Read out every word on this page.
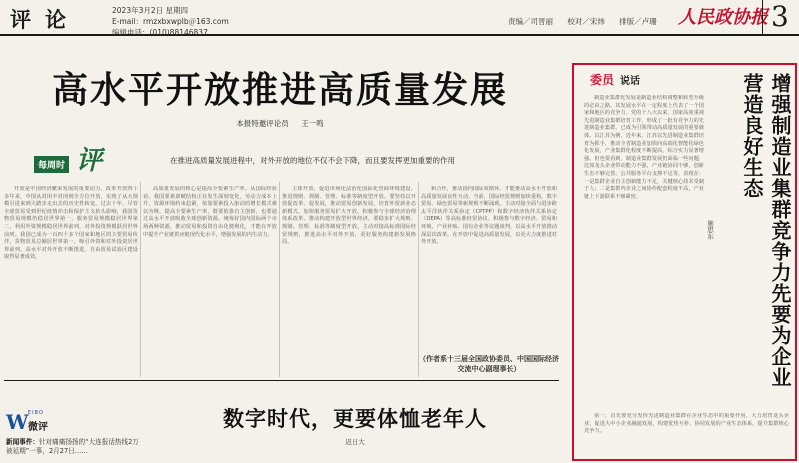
评论	2023年3月2日 星期四
E-mail：rmzxbxwplb＠163.com
编辑电话：(010)88146837
责编／司晋丽 校对／宋炜 排版／卢珊	人民政协报 3
高水平开放推进高质量发展
本报特邀评论员 王一鸣
每周时 评	在推进高质量发展进程中，对外开放的地位不仅不会下降，而且要发挥更加重要的作用

开放是中国经济繁荣发展的重要动力。改革开放四十多年来，中国从封闭半封闭到全方位开放，实现了从大规模引进来到大踏步走出去的历史性转变。过去十年，尽管全球贸易受到世纪疫情冲击和保护主义抬头影响，我国货物贸易规模仍稳居世界第一，服务贸易规模稳居世界第二，利用外资规模稳居世界前列，对外投资规模跃居世界前列。我国已成为一百四十多个国家和地区的主要贸易伙伴，货物贸易总额居世界第一，吸引外资和对外投资居世界前列。高水平对外开放不断推进，自由贸易试验区建设取得显著成效。

高质量发展的核心是提高全要素生产率。从国际经验看，我国要素禀赋结构正在发生深刻变化，劳动力成本上升，资源环境约束趋紧，依靠要素投入驱动的增长模式难以为继。提高全要素生产率，既要依靠自主创新，也要通过高水平开放吸收全球创新资源。统筹好国内国际两个市场两种资源，推动贸易和投资自由化便利化，才能在开放中提升产业链供应链现代化水平，增强发展的内生动力。

主体开放，促进市场化法治化国际化营商环境建设，推进规则、规制、管理、标准等制度型开放。要坚持以开放促改革、促发展，推动贸易创新发展，培育外贸新业态新模式，加快服务贸易扩大开放。积极参与全球经济治理体系改革，推动构建开放型世界经济。要稳步扩大规则、规制、管理、标准等制度型开放，主动对接高标准国际经贸规则，推进高水平对外开放，更好服务构建新发展格局。

和合作，推动国内国际双循环，才能推动高水平开放和高质量发展良性互动。当前，国际经贸规则加快重构，数字贸易、绿色贸易等新规则不断涌现。主动对接全面与进步跨太平洋伙伴关系协定（CPTPP）和数字经济伙伴关系协定（DEPA）等高标准经贸协议，积极参与数字经济、贸易和环境、产业补贴、国有企业等议题谈判，以高水平开放推动深层次改革，在开放中促进高质量发展，以更大力度推进对外开放。

（作者系十三届全国政协委员、中国国际经济交流中心副理事长）
W EIBO
微评
新闻事件：针对痛痛扬扬的“大连报话热线2万被延期”一事，2月27日……
数字时代，更要体恤老年人
迟日大
委员 说话	增强制造业集群竞争力先要为企业营造良好生态
施思东

制造业集群化发展是制造业结构调整和转型升级的必由之路，其发展水平在一定程度上代表了一个国家和地区的竞争力。党的十八大以来，国家高度重视先进制造业集群培育工作，形成了一批有竞争力的先进制造业集群，已成为引领带动高质量发展的重要载体。以江苏为例，近年来，江苏以先进制造业集群培育为抓手，推动全省制造业加快向高端化智能化绿色化发展，产业集群化程度不断提高，综合实力显著增强。但也要看到，制造业集群发展仍面临一些问题，比如龙头企业带动能力不强，产业链协同不够，创新生态不够完善，公共服务平台支撑不足等。表现在：一是集群企业自主创新能力不足，关键核心技术受制于人；二是集群内企业之间协作配套程度不高，产业链上下游联系不够紧密。

第一，首先要充分发挥先进制造业集群在企业生态中的重要作用，大力培育龙头企业，促进大中小企业融通发展，构建优势互补、协同发展的产业生态体系，提升集群核心竞争力。
